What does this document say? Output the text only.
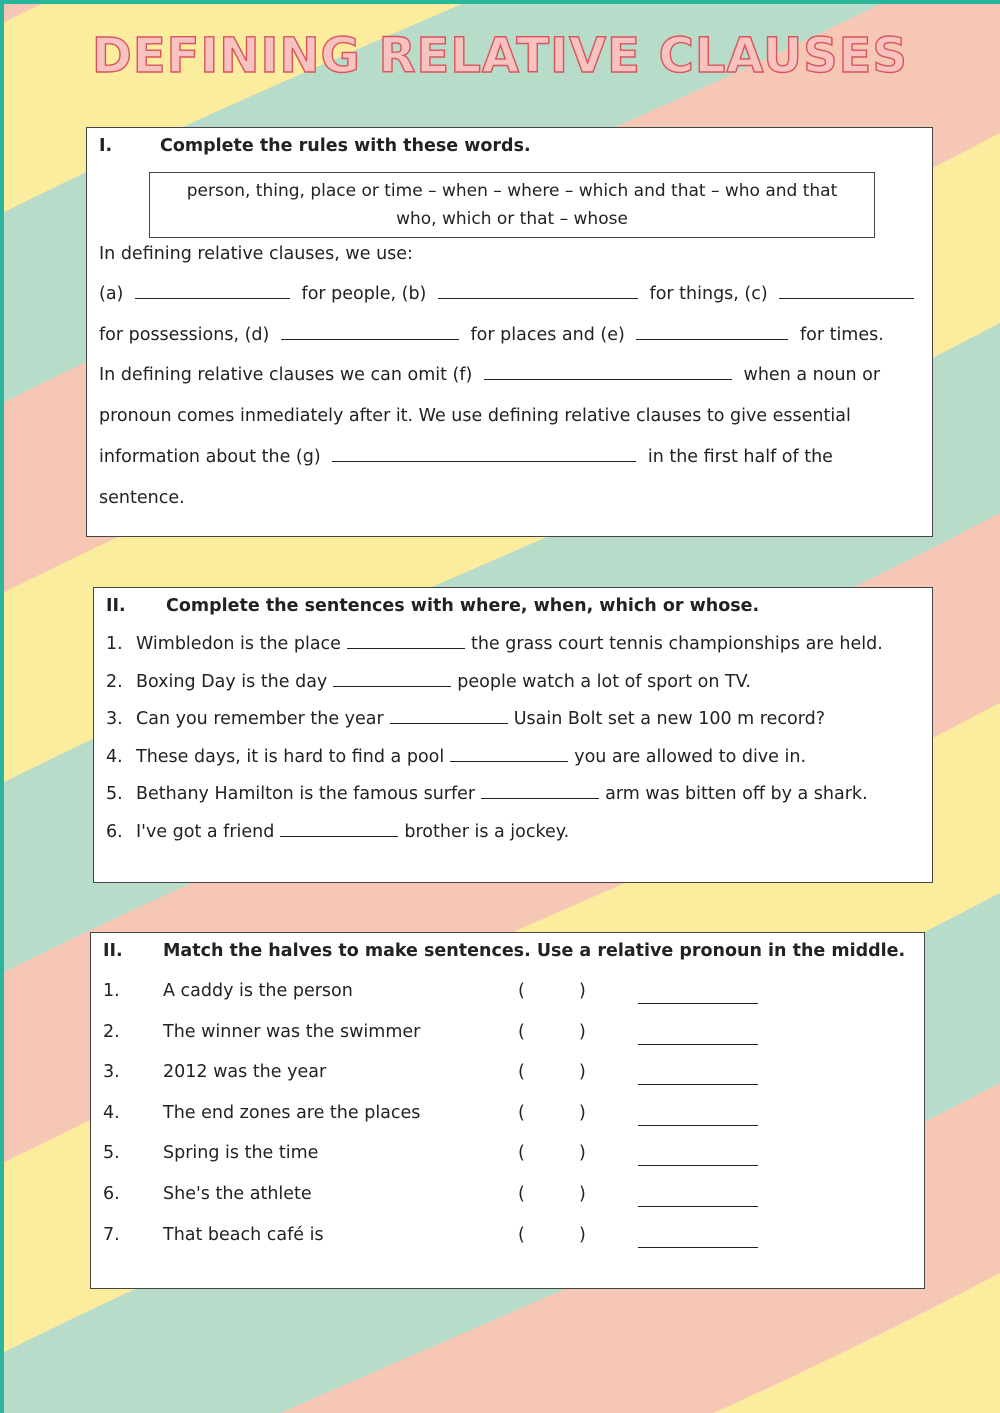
DEFINING RELATIVE CLAUSES
I.	Complete the rules with these words.
person, thing, place or time – when – where – which and that – who and that
who, which or that – whose
In defining relative clauses, we use:
(a)	for people, (b)	for things, (c)
for possessions, (d)	for places and (e)	for times.
In defining relative clauses we can omit (f)	when a noun or
pronoun comes inmediately after it. We use defining relative clauses to give essential
information about the (g)	in the first half of the
sentence.
II. Complete the sentences with where, when, which or whose.
1. Wimbledon is the place	the grass court tennis championships are held.
2. Boxing Day is the day	people watch a lot of sport on TV.
3. Can you remember the year	Usain Bolt set a new 100 m record?
4. These days, it is hard to find a pool	you are allowed to dive in.
5. Bethany Hamilton is the famous surfer	arm was bitten off by a shark.
6. I've got a friend	brother is a jockey.
II. Match the halves to make sentences. Use a relative pronoun in the middle.
1. A caddy is the person	(	)
2. The winner was the swimmer	(	)
3. 2012 was the year	(	)
4. The end zones are the places	(	)
5. Spring is the time	(	)
6. She's the athlete	(	)
7. That beach café is	(	)
